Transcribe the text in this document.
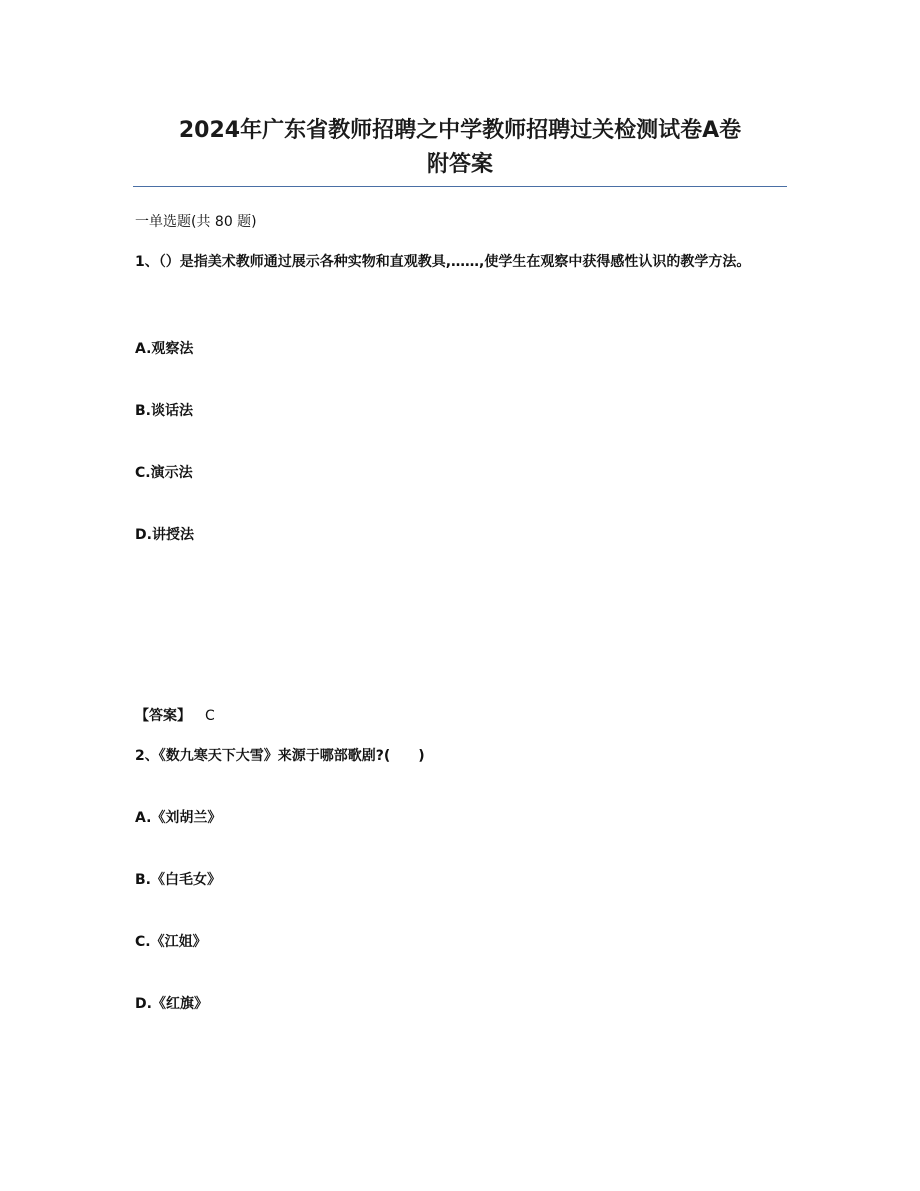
2024年广东省教师招聘之中学教师招聘过关检测试卷A卷
附答案
一单选题(共 80 题)
1、（）是指美术教师通过展示各种实物和直观教具,……,使学生在观察中获得感性认识的教学方法。
A.观察法
B.谈话法
C.演示法
D.讲授法
【答案】 C
2、《数九寒天下大雪》来源于哪部歌剧?(　　)
A.《刘胡兰》
B.《白毛女》
C.《江姐》
D.《红旗》
